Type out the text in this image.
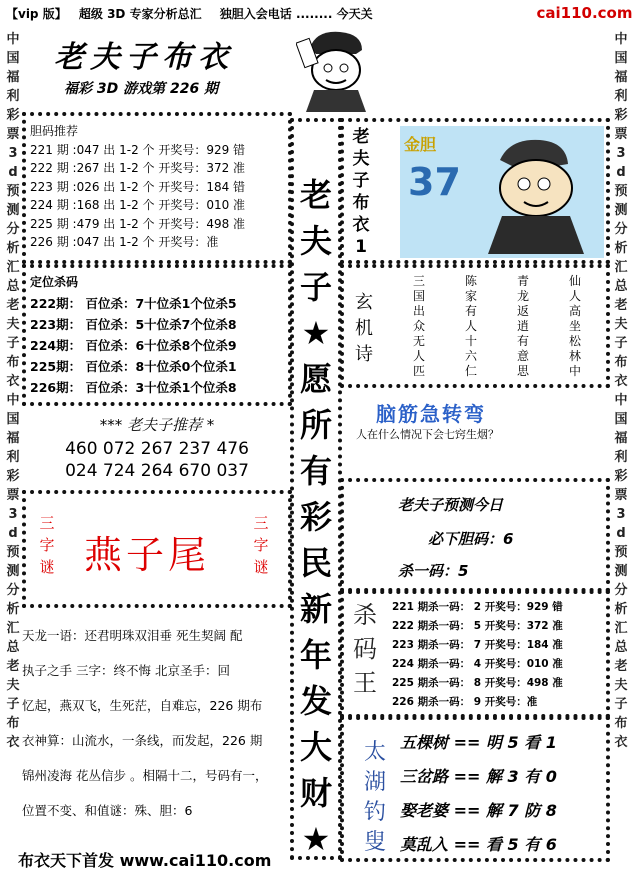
【vip 版】 超级 3D 专家分析总汇 独胆入会电话 ........ 今天关	cai110.com
中
国
福
利
彩
票
3
d
预
测
分
析
汇
总
老
夫
子
布
衣
中
国
福
利
彩
票
3
d
预
测
分
析
汇
总
老
夫
子
布
衣
中
国
福
利
彩
票
3
d
预
测
分
析
汇
总
老
夫
子
布
衣
中
国
福
利
彩
票
3
d
预
测
分
析
汇
总
老
夫
子
布
衣
老夫子布衣
福彩 3D 游戏第 226 期
胆码推荐
221 期 :047 出 1-2 个 开奖号：929 错
222 期 :267 出 1-2 个 开奖号：372 准
223 期 :026 出 1-2 个 开奖号：184 错
224 期 :168 出 1-2 个 开奖号：010 准
225 期 :479 出 1-2 个 开奖号：498 准
226 期 :047 出 1-2 个 开奖号：准
定位杀码
222期： 百位杀：7十位杀1个位杀5
223期： 百位杀：5十位杀7个位杀8
224期： 百位杀：6十位杀8个位杀9
225期： 百位杀：8十位杀0个位杀1
226期： 百位杀：3十位杀1个位杀8
*** 老夫子推荐 *
460 072 267 237 476
024 724 264 670 037
三
字
谜 燕子尾
三
字
谜
天龙一语：还君明珠双泪垂 死生契阔 配
执子之手 三字：终不悔 北京圣手：回
忆起，燕双飞，生死茫，自难忘，226 期布
衣神算：山流水，一条线，而发起，226 期
锦州凌海 花丛信步 。相隔十二，号码有一，
位置不变、和值谜：殊、胆：6
布衣天下首发 www.cai110.com
老
夫
子
★
愿
所
有
彩
民
新
年
发
大
财
★
老
夫
子
布
衣
1
金胆
37
玄
机
诗
仙
人
高
坐
松
林
中
青
龙
返
逍
有
意
思
陈
家
有
人
十
六
仁
三
国
出
众
无
人
匹
脑筋急转弯
人在什么情况下会七窍生烟？
老夫子预测今日
必下胆码：6
杀一码：5
杀
码
王
221 期杀一码： 2 开奖号：929 错
222 期杀一码： 5 开奖号：372 准
223 期杀一码： 7 开奖号：184 准
224 期杀一码： 4 开奖号：010 准
225 期杀一码： 8 开奖号：498 准
226 期杀一码： 9 开奖号：准
太
湖
钓
叟
五棵树 == 明 5 看 1
三岔路 == 解 3 有 0
娶老婆 == 解 7 防 8
莫乱入 == 看 5 有 6
